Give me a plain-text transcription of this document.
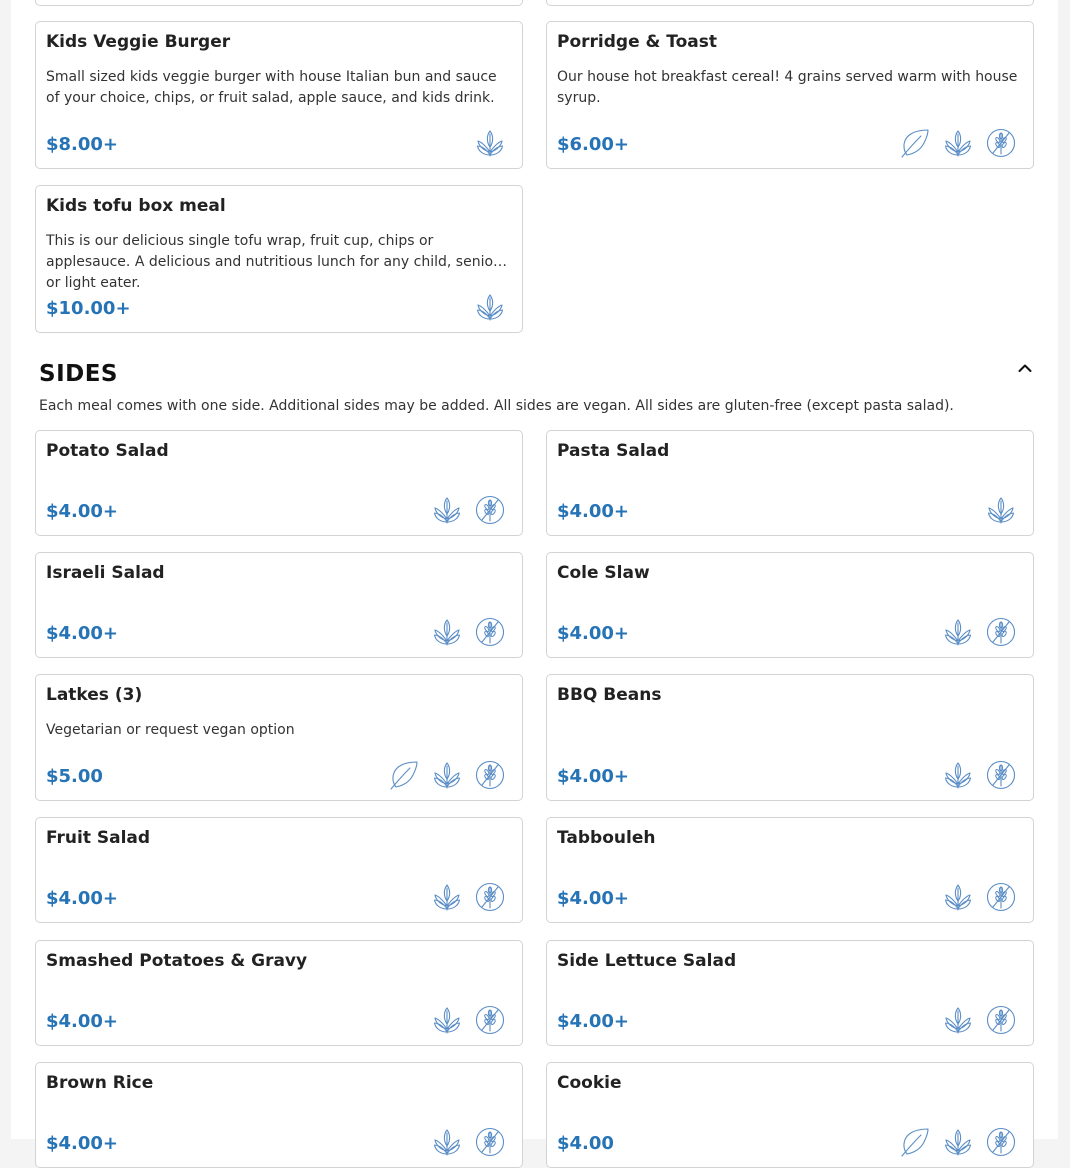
Kids Veggie Burger
Small sized kids veggie burger with house Italian bun and sauce of your choice, chips, or fruit salad, apple sauce, and kids drink.
$8.00+
Porridge & Toast
Our house hot breakfast cereal! 4 grains served warm with house syrup.
$6.00+
Kids tofu box meal
This is our delicious single tofu wrap, fruit cup, chips or applesauce. A delicious and nutritious lunch for any child, senior or light eater.
$10.00+
SIDES
Each meal comes with one side. Additional sides may be added. All sides are vegan. All sides are gluten-free (except pasta salad).
Potato Salad
$4.00+
Pasta Salad
$4.00+
Israeli Salad
$4.00+
Cole Slaw
$4.00+
Latkes (3)
Vegetarian or request vegan option
$5.00
BBQ Beans
$4.00+
Fruit Salad
$4.00+
Tabbouleh
$4.00+
Smashed Potatoes & Gravy
$4.00+
Side Lettuce Salad
$4.00+
Brown Rice
$4.00+
Cookie
$4.00
